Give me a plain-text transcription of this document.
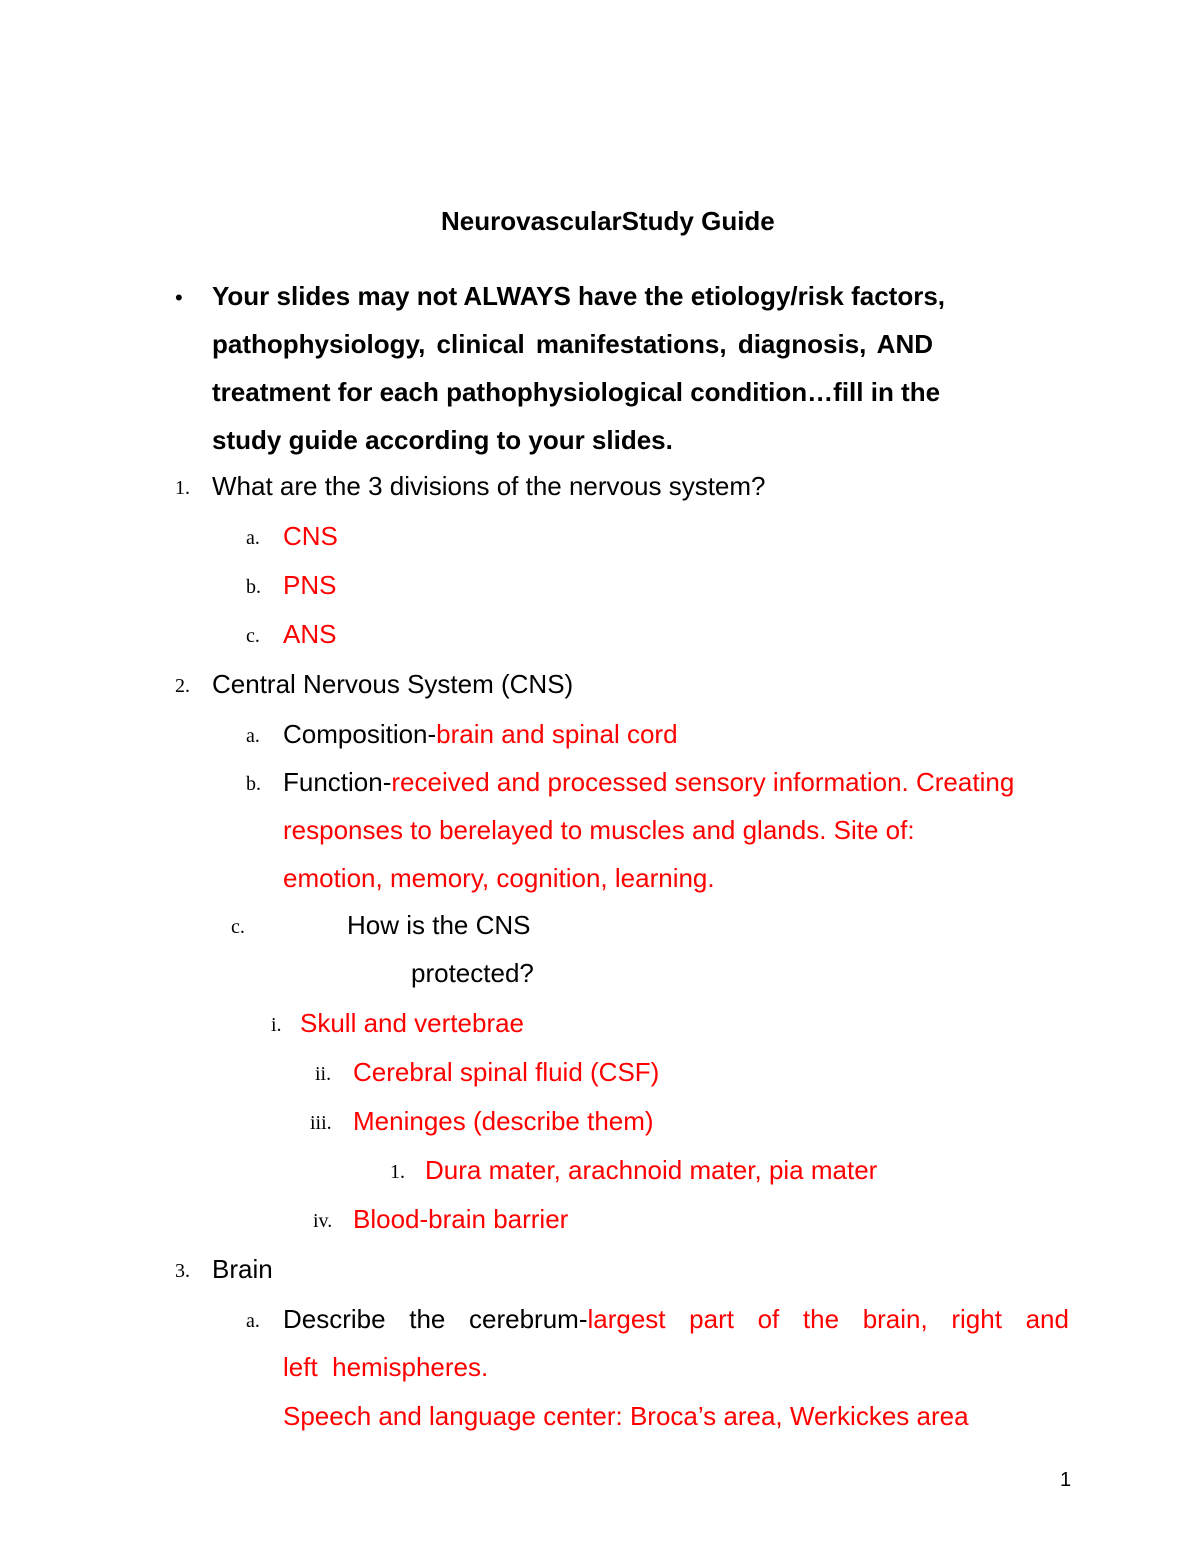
NeurovascularStudy Guide
• Your slides may not ALWAYS have the etiology/risk factors,
pathophysiology, clinical manifestations, diagnosis, AND
treatment for each pathophysiological condition…fill in the
study guide according to your slides.
1. What are the 3 divisions of the nervous system?
a. CNS
b. PNS
c. ANS
2. Central Nervous System (CNS)
a. Composition-brain and spinal cord
b. Function-received and processed sensory information. Creating
responses to berelayed to muscles and glands. Site of:
emotion, memory, cognition, learning.
c.	How is the CNS
protected?
i. Skull and vertebrae
ii. Cerebral spinal fluid (CSF)
iii. Meninges (describe them)
1. Dura mater, arachnoid mater, pia mater
iv. Blood-brain barrier
3. Brain
a. Describe the cerebrum-largest part of the brain, right and
left  hemispheres.
Speech and language center: Broca’s area, Werkickes area
1
